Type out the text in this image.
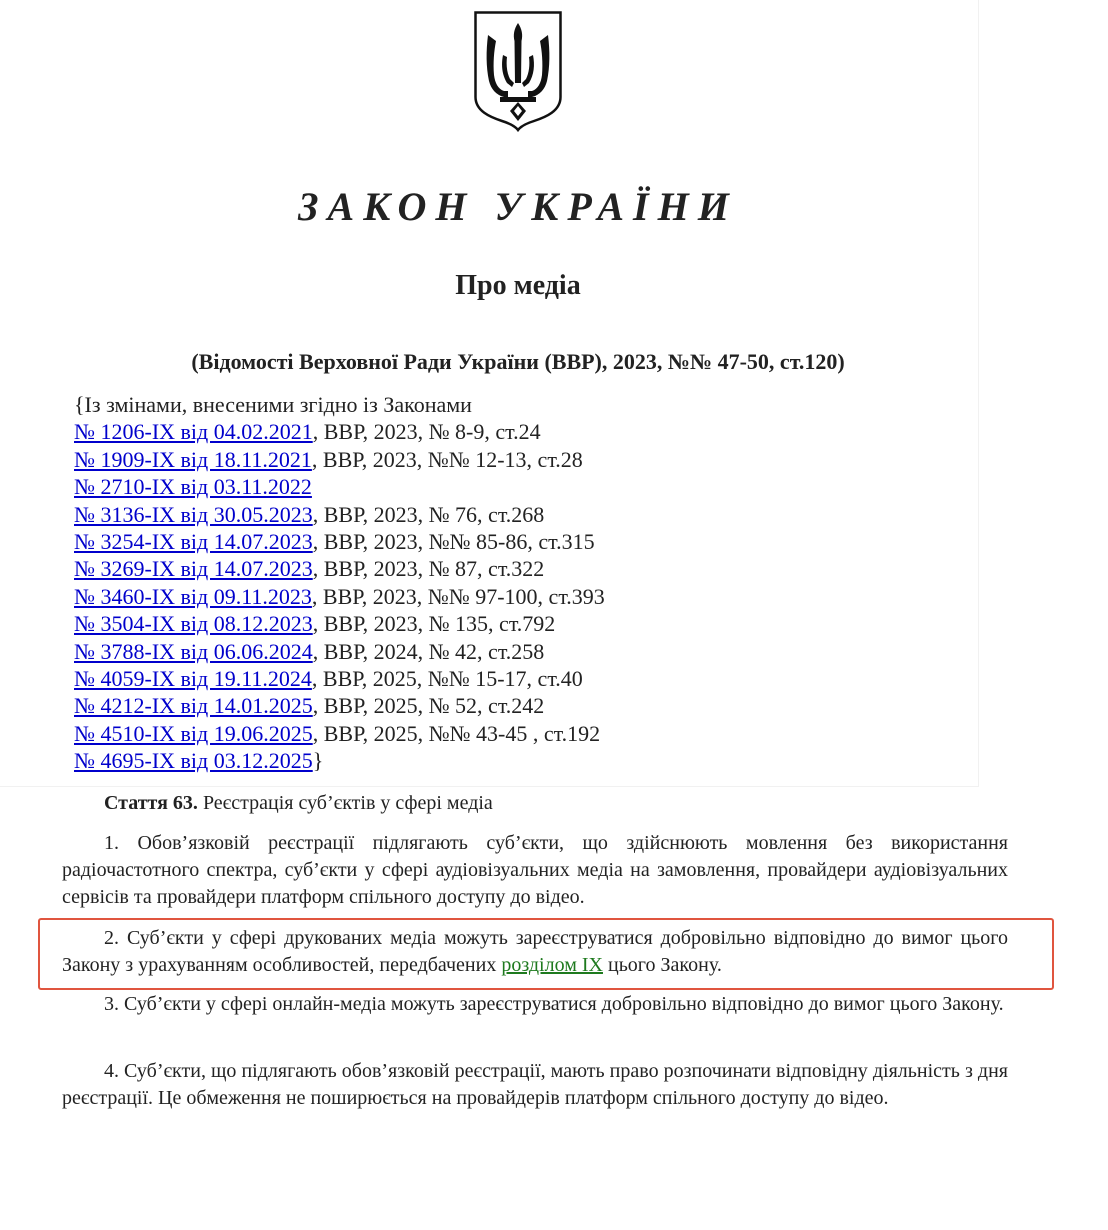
ЗАКОН УКРАЇНИ
Про медіа
(Відомості Верховної Ради України (ВВР), 2023, №№ 47-50, ст.120)
{Із змінами, внесеними згідно із Законами
№ 1206-IX від 04.02.2021, ВВР, 2023, № 8-9, ст.24
№ 1909-IX від 18.11.2021, ВВР, 2023, №№ 12-13, ст.28
№ 2710-IX від 03.11.2022
№ 3136-IX від 30.05.2023, ВВР, 2023, № 76, ст.268
№ 3254-IX від 14.07.2023, ВВР, 2023, №№ 85-86, ст.315
№ 3269-IX від 14.07.2023, ВВР, 2023, № 87, ст.322
№ 3460-IX від 09.11.2023, ВВР, 2023, №№ 97-100, ст.393
№ 3504-IX від 08.12.2023, ВВР, 2023, № 135, ст.792
№ 3788-IX від 06.06.2024, ВВР, 2024, № 42, ст.258
№ 4059-IX від 19.11.2024, ВВР, 2025, №№ 15-17, ст.40
№ 4212-IX від 14.01.2025, ВВР, 2025, № 52, ст.242
№ 4510-IX від 19.06.2025, ВВР, 2025, №№ 43-45 , ст.192
№ 4695-IX від 03.12.2025}
Стаття 63. Реєстрація суб’єктів у сфері медіа
1. Обов’язковій реєстрації підлягають суб’єкти, що здійснюють мовлення без використання радіочастотного спектра, суб’єкти у сфері аудіовізуальних медіа на замовлення, провайдери аудіовізуальних сервісів та провайдери платформ спільного доступу до відео.
2. Суб’єкти у сфері друкованих медіа можуть зареєструватися добровільно відповідно до вимог цього Закону з урахуванням особливостей, передбачених розділом IX цього Закону.
3. Суб’єкти у сфері онлайн-медіа можуть зареєструватися добровільно відповідно до вимог цього Закону.
4. Суб’єкти, що підлягають обов’язковій реєстрації, мають право розпочинати відповідну діяльність з дня реєстрації. Це обмеження не поширюється на провайдерів платформ спільного доступу до відео.
